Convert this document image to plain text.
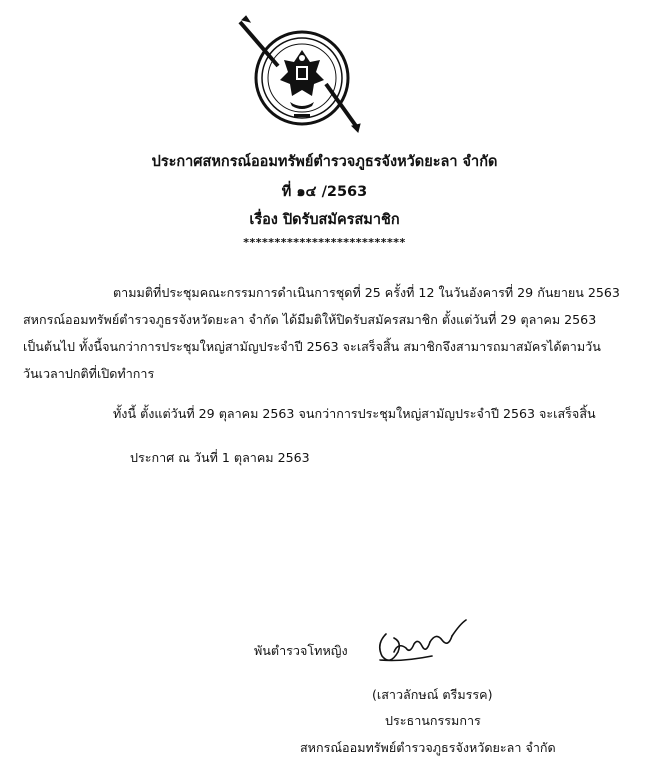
ประกาศสหกรณ์ออมทรัพย์ตำรวจภูธรจังหวัดยะลา จำกัด
ที่ ๑๔ /2563
เรื่อง ปิดรับสมัครสมาชิก
**************************
ตามมติที่ประชุมคณะกรรมการดำเนินการชุดที่ 25 ครั้งที่ 12 ในวันอังคารที่ 29 กันยายน 2563
สหกรณ์ออมทรัพย์ตำรวจภูธรจังหวัดยะลา จำกัด ได้มีมติให้ปิดรับสมัครสมาชิก ตั้งแต่วันที่ 29 ตุลาคม 2563
เป็นต้นไป ทั้งนี้จนกว่าการประชุมใหญ่สามัญประจำปี 2563 จะเสร็จสิ้น สมาชิกจึงสามารถมาสมัครได้ตามวัน
วันเวลาปกติที่เปิดทำการ
ทั้งนี้ ตั้งแต่วันที่ 29 ตุลาคม 2563 จนกว่าการประชุมใหญ่สามัญประจำปี 2563 จะเสร็จสิ้น
ประกาศ ณ วันที่ 1 ตุลาคม 2563
พันตำรวจโทหญิง
(เสาวลักษณ์ ตรีมรรค)
ประธานกรรมการ
สหกรณ์ออมทรัพย์ตำรวจภูธรจังหวัดยะลา จำกัด
